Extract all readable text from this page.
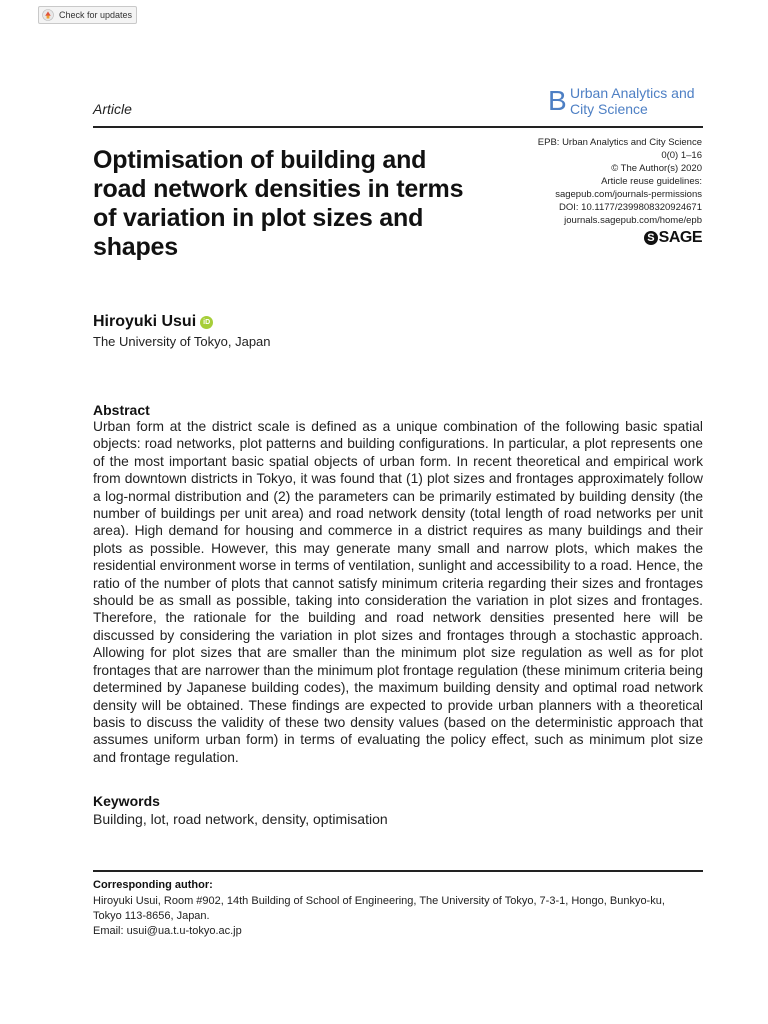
Check for updates
B Urban Analytics and City Science
Article
Optimisation of building and road network densities in terms of variation in plot sizes and shapes
EPB: Urban Analytics and City Science
0(0) 1–16
© The Author(s) 2020
Article reuse guidelines:
sagepub.com/journals-permissions
DOI: 10.1177/2399808320924671
journals.sagepub.com/home/epb
S SAGE
Hiroyuki Usui	iD
The University of Tokyo, Japan
Abstract
Urban form at the district scale is defined as a unique combination of the following basic spatial objects: road networks, plot patterns and building configurations. In particular, a plot represents one of the most important basic spatial objects of urban form. In recent theoretical and empirical work from downtown districts in Tokyo, it was found that (1) plot sizes and frontages approximately follow a log-normal distribution and (2) the parameters can be primarily estimated by building density (the number of buildings per unit area) and road network density (total length of road networks per unit area). High demand for housing and commerce in a district requires as many buildings and their plots as possible. However, this may generate many small and narrow plots, which makes the residential environment worse in terms of ventilation, sunlight and accessibility to a road. Hence, the ratio of the number of plots that cannot satisfy minimum criteria regarding their sizes and frontages should be as small as possible, taking into consideration the variation in plot sizes and frontages. Therefore, the rationale for the building and road network densities presented here will be discussed by considering the variation in plot sizes and frontages through a stochastic approach. Allowing for plot sizes that are smaller than the minimum plot size regulation as well as for plot frontages that are narrower than the minimum plot frontage regulation (these minimum criteria being determined by Japanese building codes), the maximum building density and optimal road network density will be obtained. These findings are expected to provide urban planners with a theoretical basis to discuss the validity of these two density values (based on the deterministic approach that assumes uniform urban form) in terms of evaluating the policy effect, such as minimum plot size and frontage regulation.
Keywords
Building, lot, road network, density, optimisation
Corresponding author:
Hiroyuki Usui, Room #902, 14th Building of School of Engineering, The University of Tokyo, 7-3-1, Hongo, Bunkyo-ku,
Tokyo 113-8656, Japan.
Email: usui@ua.t.u-tokyo.ac.jp
